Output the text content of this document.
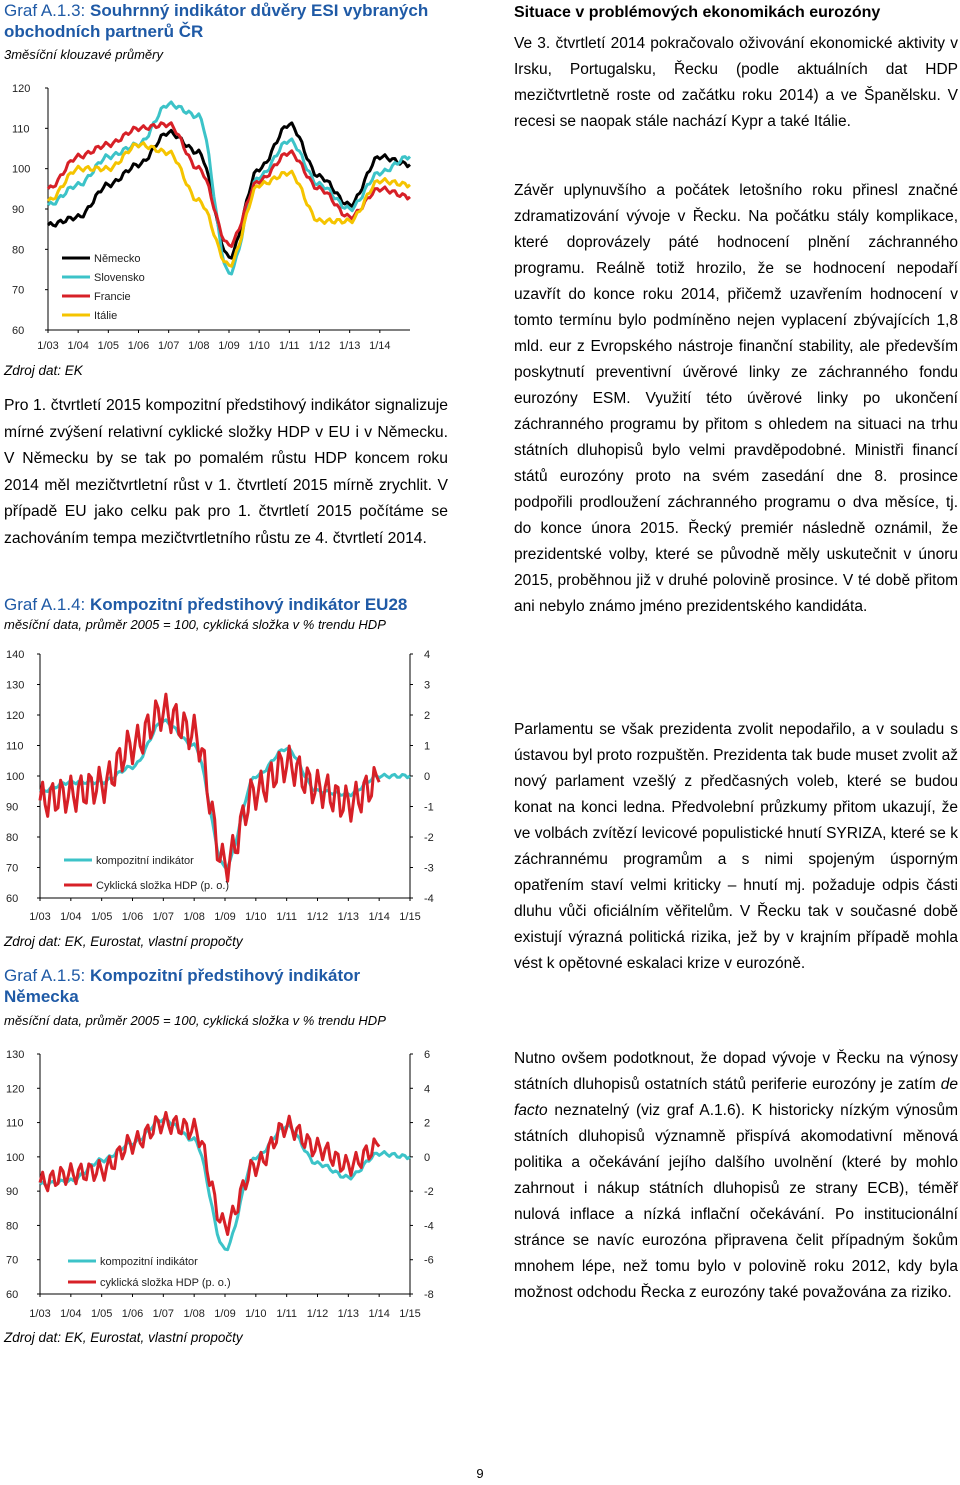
Graf A.1.3: Souhrnný indikátor důvěry ESI vybraných obchodních partnerů ČR
3měsíční klouzavé průměry
120
110
100
90
80
70
60
1/03 1/04 1/05 1/06 1/07 1/08 1/09 1/10 1/11 1/12 1/13 1/14
Německo
Slovensko
Francie
Itálie
Zdroj dat: EK

Pro 1. čtvrtletí 2015 kompozitní předstihový indikátor signalizuje mírné zvýšení relativní cyklické složky HDP v EU i v Německu. V Německu by se tak po pomalém růstu HDP koncem roku 2014 měl mezičtvrtletní růst v 1. čtvrtletí 2015 mírně zrychlit. V případě EU jako celku pak pro 1. čtvrtletí 2015 počítáme se zachováním tempa mezičtvrtletního růstu ze 4. čtvrtletí 2014.

Graf A.1.4: Kompozitní předstihový indikátor EU28
měsíční data, průměr 2005 = 100, cyklická složka v % trendu HDP
140
130
120
110
100
90
80
70
60
4
3
2
1
0
-1
-2
-3
-4
1/03 1/04 1/05 1/06 1/07 1/08 1/09 1/10 1/11 1/12 1/13 1/14 1/15
kompozitní indikátor
Cyklická složka HDP (p. o.)
Zdroj dat: EK, Eurostat, vlastní propočty
Graf A.1.5: Kompozitní předstihový indikátor Německa
měsíční data, průměr 2005 = 100, cyklická složka v % trendu HDP
130
120
110
100
90
80
70
60
6
4
2
0
-2
-4
-6
-8
1/03 1/04 1/05 1/06 1/07 1/08 1/09 1/10 1/11 1/12 1/13 1/14 1/15
kompozitní indikátor
cyklická složka HDP (p. o.)
Zdroj dat: EK, Eurostat, vlastní propočty
Situace v problémových ekonomikách eurozóny

Ve 3. čtvrtletí 2014 pokračovalo oživování ekonomické aktivity v Irsku, Portugalsku, Řecku (podle aktuálních dat HDP mezičtvrtletně roste od začátku roku 2014) a ve Španělsku. V recesi se naopak stále nachází Kypr a také Itálie.

Závěr uplynuvšího a počátek letošního roku přinesl značné zdramatizování vývoje v Řecku. Na počátku stály komplikace, které doprovázely páté hodnocení plnění záchranného programu. Reálně totiž hrozilo, že se hodnocení nepodaří uzavřít do konce roku 2014, přičemž uzavřením hodnocení v tomto termínu bylo podmíněno nejen vyplacení zbývajících 1,8 mld. eur z Evropského nástroje finanční stability, ale především poskytnutí preventivní úvěrové linky ze záchranného fondu eurozóny ESM. Využití této úvěrové linky po ukončení záchranného programu by přitom s ohledem na situaci na trhu státních dluhopisů bylo velmi pravděpodobné. Ministři financí států eurozóny proto na svém zasedání dne 8. prosince podpořili prodloužení záchranného programu o dva měsíce, tj. do konce února 2015. Řecký premiér následně oznámil, že prezidentské volby, které se původně měly uskutečnit v únoru 2015, proběhnou již v druhé polovině prosince. V té době přitom ani nebylo známo jméno prezidentského kandidáta.

Parlamentu se však prezidenta zvolit nepodařilo, a v souladu s ústavou byl proto rozpuštěn. Prezidenta tak bude muset zvolit až nový parlament vzešlý z předčasných voleb, které se budou konat na konci ledna. Předvolební průzkumy přitom ukazují, že ve volbách zvítězí levicové populistické hnutí SYRIZA, které se k záchrannému programům a s nimi spojeným úsporným opatřením staví velmi kriticky – hnutí mj. požaduje odpis části dluhu vůči oficiálním věřitelům. V Řecku tak v současné době existují výrazná politická rizika, jež by v krajním případě mohla vést k opětovné eskalaci krize v eurozóně.

Nutno ovšem podotknout, že dopad vývoje v Řecku na výnosy státních dluhopisů ostatních států periferie eurozóny je zatím de facto neznatelný (viz graf A.1.6). K historicky nízkým výnosům státních dluhopisů významně přispívá akomodativní měnová politika a očekávání jejího dalšího uvolnění (které by mohlo zahrnout i nákup státních dluhopisů ze strany ECB), téměř nulová inflace a nízká inflační očekávání. Po institucionální stránce se navíc eurozóna připravena čelit případným šokům mnohem lépe, než tomu bylo v polovině roku 2012, kdy byla možnost odchodu Řecka z eurozóny také považována za riziko.

9
